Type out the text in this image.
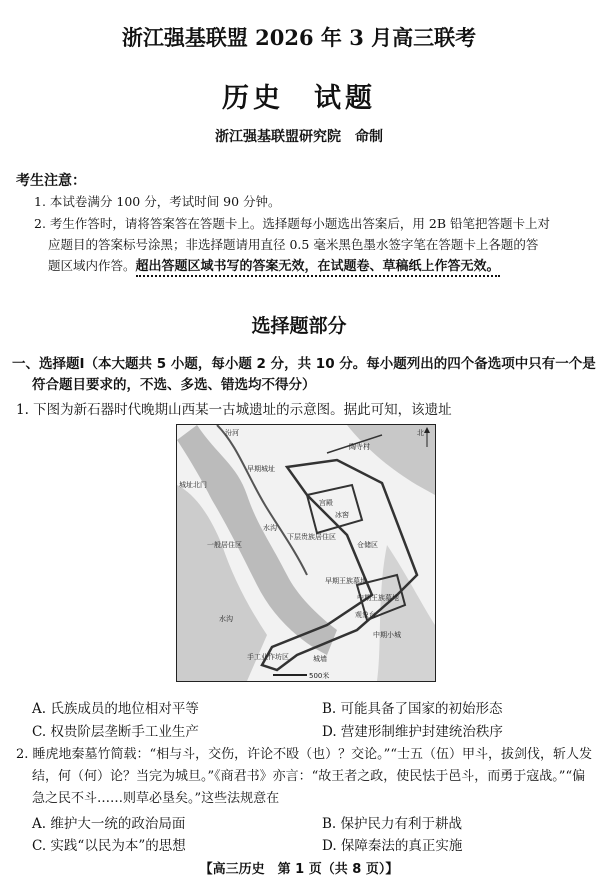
浙江强基联盟 2026 年 3 月高三联考
历史 试题
浙江强基联盟研究院　命制
考生注意：
1. 本试卷满分 100 分，考试时间 90 分钟。
2. 考生作答时，请将答案答在答题卡上。选择题每小题选出答案后，用 2B 铅笔把答题卡上对
应题目的答案标号涂黑；非选择题请用直径 0.5 毫米黑色墨水签字笔在答题卡上各题的答
题区域内作答。超出答题区域书写的答案无效，在试题卷、草稿纸上作答无效。
选择题部分
一、选择题Ⅰ（本大题共 5 小题，每小题 2 分，共 10 分。每小题列出的四个备选项中只有一个是
符合题目要求的，不选、多选、错选均不得分）
1. 下图为新石器时代晚期山西某一古城遗址的示意图。据此可知，该遗址
北
汾河
陶寺村
城址北门
早期城址
宫殿
冰窖
仓储区
一般居住区
水沟
水沟
下层贵族居住区
早期王族墓地
中期王族墓地
观象台
中期小城
手工业作坊区	城墙
500米
A. 氏族成员的地位相对平等	B. 可能具备了国家的初始形态
C. 权贵阶层垄断手工业生产	D. 营建形制维护封建统治秩序
2. 睡虎地秦墓竹简载：“相与斗，交伤，许论不殴（也）？交论。”“士五（伍）甲斗，拔剑伐，斩人发
结，何（何）论？当完为城旦。”《商君书》亦言：“故王者之政，使民怯于邑斗，而勇于寇战。”“偏
急之民不斗……则草必垦矣。”这些法规意在
A. 维护大一统的政治局面	B. 保护民力有利于耕战
C. 实践“以民为本”的思想	D. 保障秦法的真正实施
【高三历史　第 1 页（共 8 页）】
